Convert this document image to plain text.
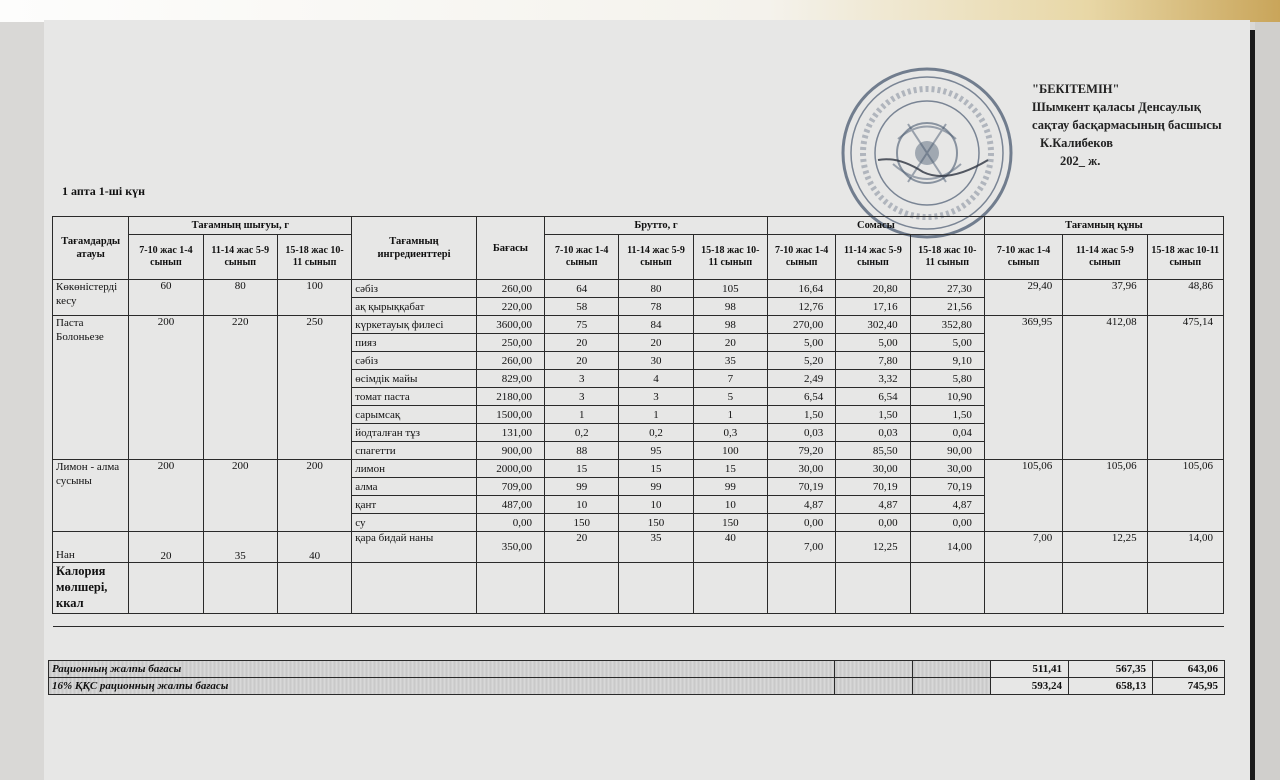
"БЕКІТЕМІН"
Шымкент қаласы Денсаулық
сақтау басқармасының басшысы
К.Калибеков
202_ ж.
1 апта 1-ші күн
Тағамдарды атауы	Тағамның шығуы, г			Тағамның ингредиенттері	Бағасы	Брутто, г			Сомасы			Тағамның құны		
	7-10 жас 1-4 сынып	11-14 жас 5-9 сынып	15-18 жас 10-11 сынып			7-10 жас 1-4 сынып	11-14 жас 5-9 сынып	15-18 жас 10-11 сынып	7-10 жас 1-4 сынып	11-14 жас 5-9 сынып	15-18 жас 10-11 сынып	7-10 жас 1-4 сынып	11-14 жас 5-9 сынып	15-18 жас 10-11 сынып
Көкөністерді кесу	60	80	100	сәбіз	260,00	64	80	105	16,64	20,80	27,30	29,40	37,96	48,86
				ақ қырыққабат	220,00	58	78	98	12,76	17,16	21,56			
Паста Болоньезе	200	220	250	күркетауық филесі	3600,00	75	84	98	270,00	302,40	352,80	369,95	412,08	475,14
				пияз	250,00	20	20	20	5,00	5,00	5,00			
				сәбіз	260,00	20	30	35	5,20	7,80	9,10			
				өсімдік майы	829,00	3	4	7	2,49	3,32	5,80			
				томат паста	2180,00	3	3	5	6,54	6,54	10,90			
				сарымсақ	1500,00	1	1	1	1,50	1,50	1,50			
				йодталған тұз	131,00	0,2	0,2	0,3	0,03	0,03	0,04			
				спагетти	900,00	88	95	100	79,20	85,50	90,00			
Лимон - алма сусыны	200	200	200	лимон	2000,00	15	15	15	30,00	30,00	30,00	105,06	105,06	105,06
				алма	709,00	99	99	99	70,19	70,19	70,19			
				қант	487,00	10	10	10	4,87	4,87	4,87			
				су	0,00	150	150	150	0,00	0,00	0,00			
Нан	20	35	40	қара бидай наны	350,00	20	35	40	7,00	12,25	14,00	7,00	12,25	14,00
Калория мөлшері, ккал														

Рационның жалпы бағасы			511,41	567,35	643,06
16% ҚҚС рационның жалпы бағасы			593,24	658,13	745,95
